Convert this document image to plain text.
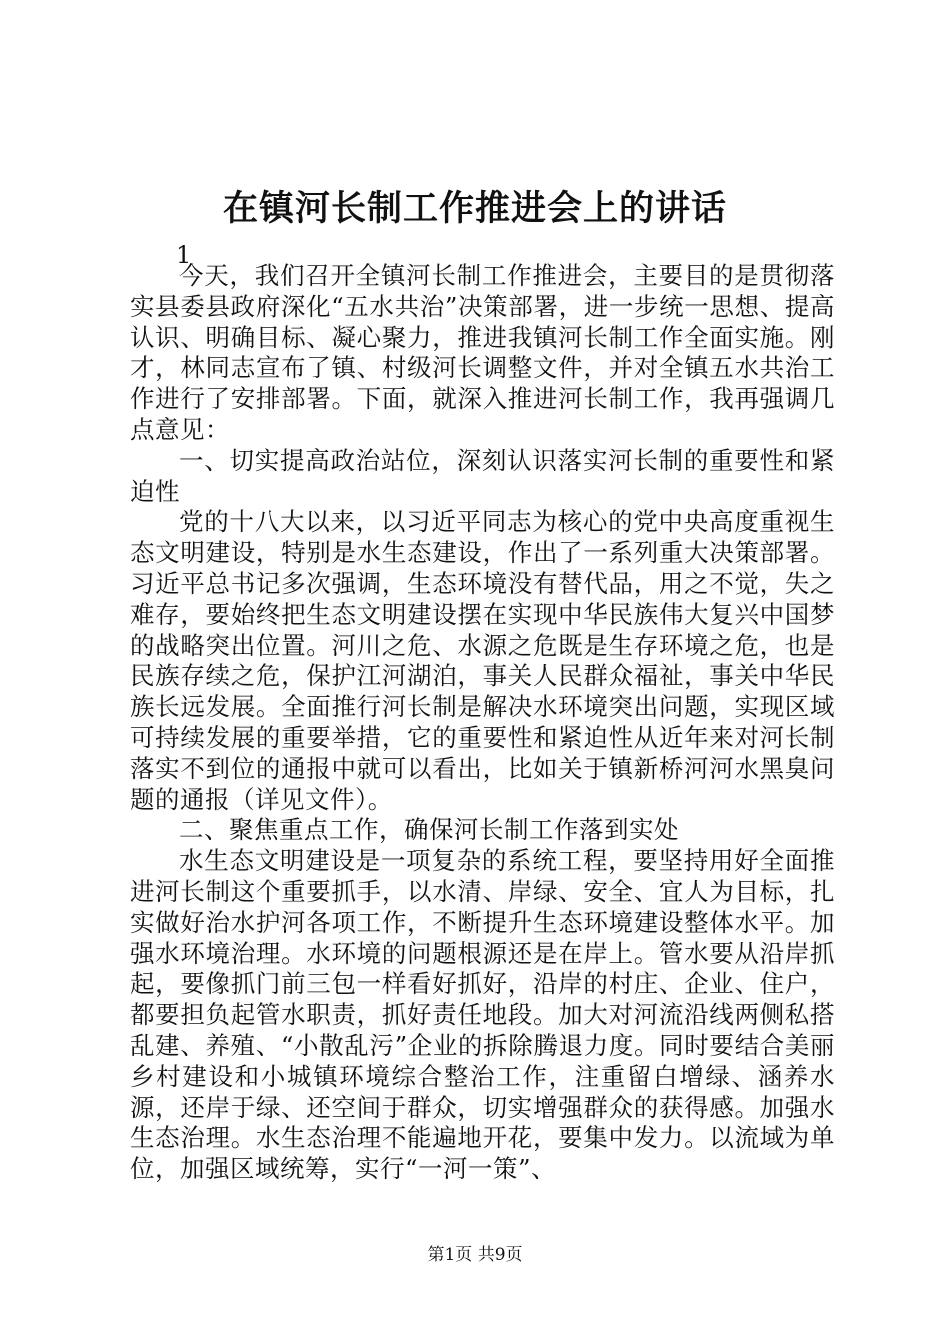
在镇河长制工作推进会上的讲话
1

今天，我们召开全镇河长制工作推进会，主要目的是贯彻落实县委县政府深化“五水共治”决策部署，进一步统一思想、提高认识、明确目标、凝心聚力，推进我镇河长制工作全面实施。刚才，林同志宣布了镇、村级河长调整文件，并对全镇五水共治工作进行了安排部署。下面，就深入推进河长制工作，我再强调几点意见：

一、切实提高政治站位，深刻认识落实河长制的重要性和紧迫性

党的十八大以来，以习近平同志为核心的党中央高度重视生态文明建设，特别是水生态建设，作出了一系列重大决策部署。习近平总书记多次强调，生态环境没有替代品，用之不觉，失之难存，要始终把生态文明建设摆在实现中华民族伟大复兴中国梦的战略突出位置。河川之危、水源之危既是生存环境之危，也是民族存续之危，保护江河湖泊，事关人民群众福祉，事关中华民族长远发展。全面推行河长制是解决水环境突出问题，实现区域可持续发展的重要举措，它的重要性和紧迫性从近年来对河长制落实不到位的通报中就可以看出，比如关于镇新桥河河水黑臭问题的通报（详见文件）。

二、聚焦重点工作，确保河长制工作落到实处

水生态文明建设是一项复杂的系统工程，要坚持用好全面推进河长制这个重要抓手，以水清、岸绿、安全、宜人为目标，扎实做好治水护河各项工作，不断提升生态环境建设整体水平。加强水环境治理。水环境的问题根源还是在岸上。管水要从沿岸抓起，要像抓门前三包一样看好抓好，沿岸的村庄、企业、住户，都要担负起管水职责，抓好责任地段。加大对河流沿线两侧私搭乱建、养殖、“小散乱污”企业的拆除腾退力度。同时要结合美丽乡村建设和小城镇环境综合整治工作，注重留白增绿、涵养水源，还岸于绿、还空间于群众，切实增强群众的获得感。加强水生态治理。水生态治理不能遍地开花，要集中发力。以流域为单位，加强区域统筹，实行“一河一策”、

第1页 共9页
